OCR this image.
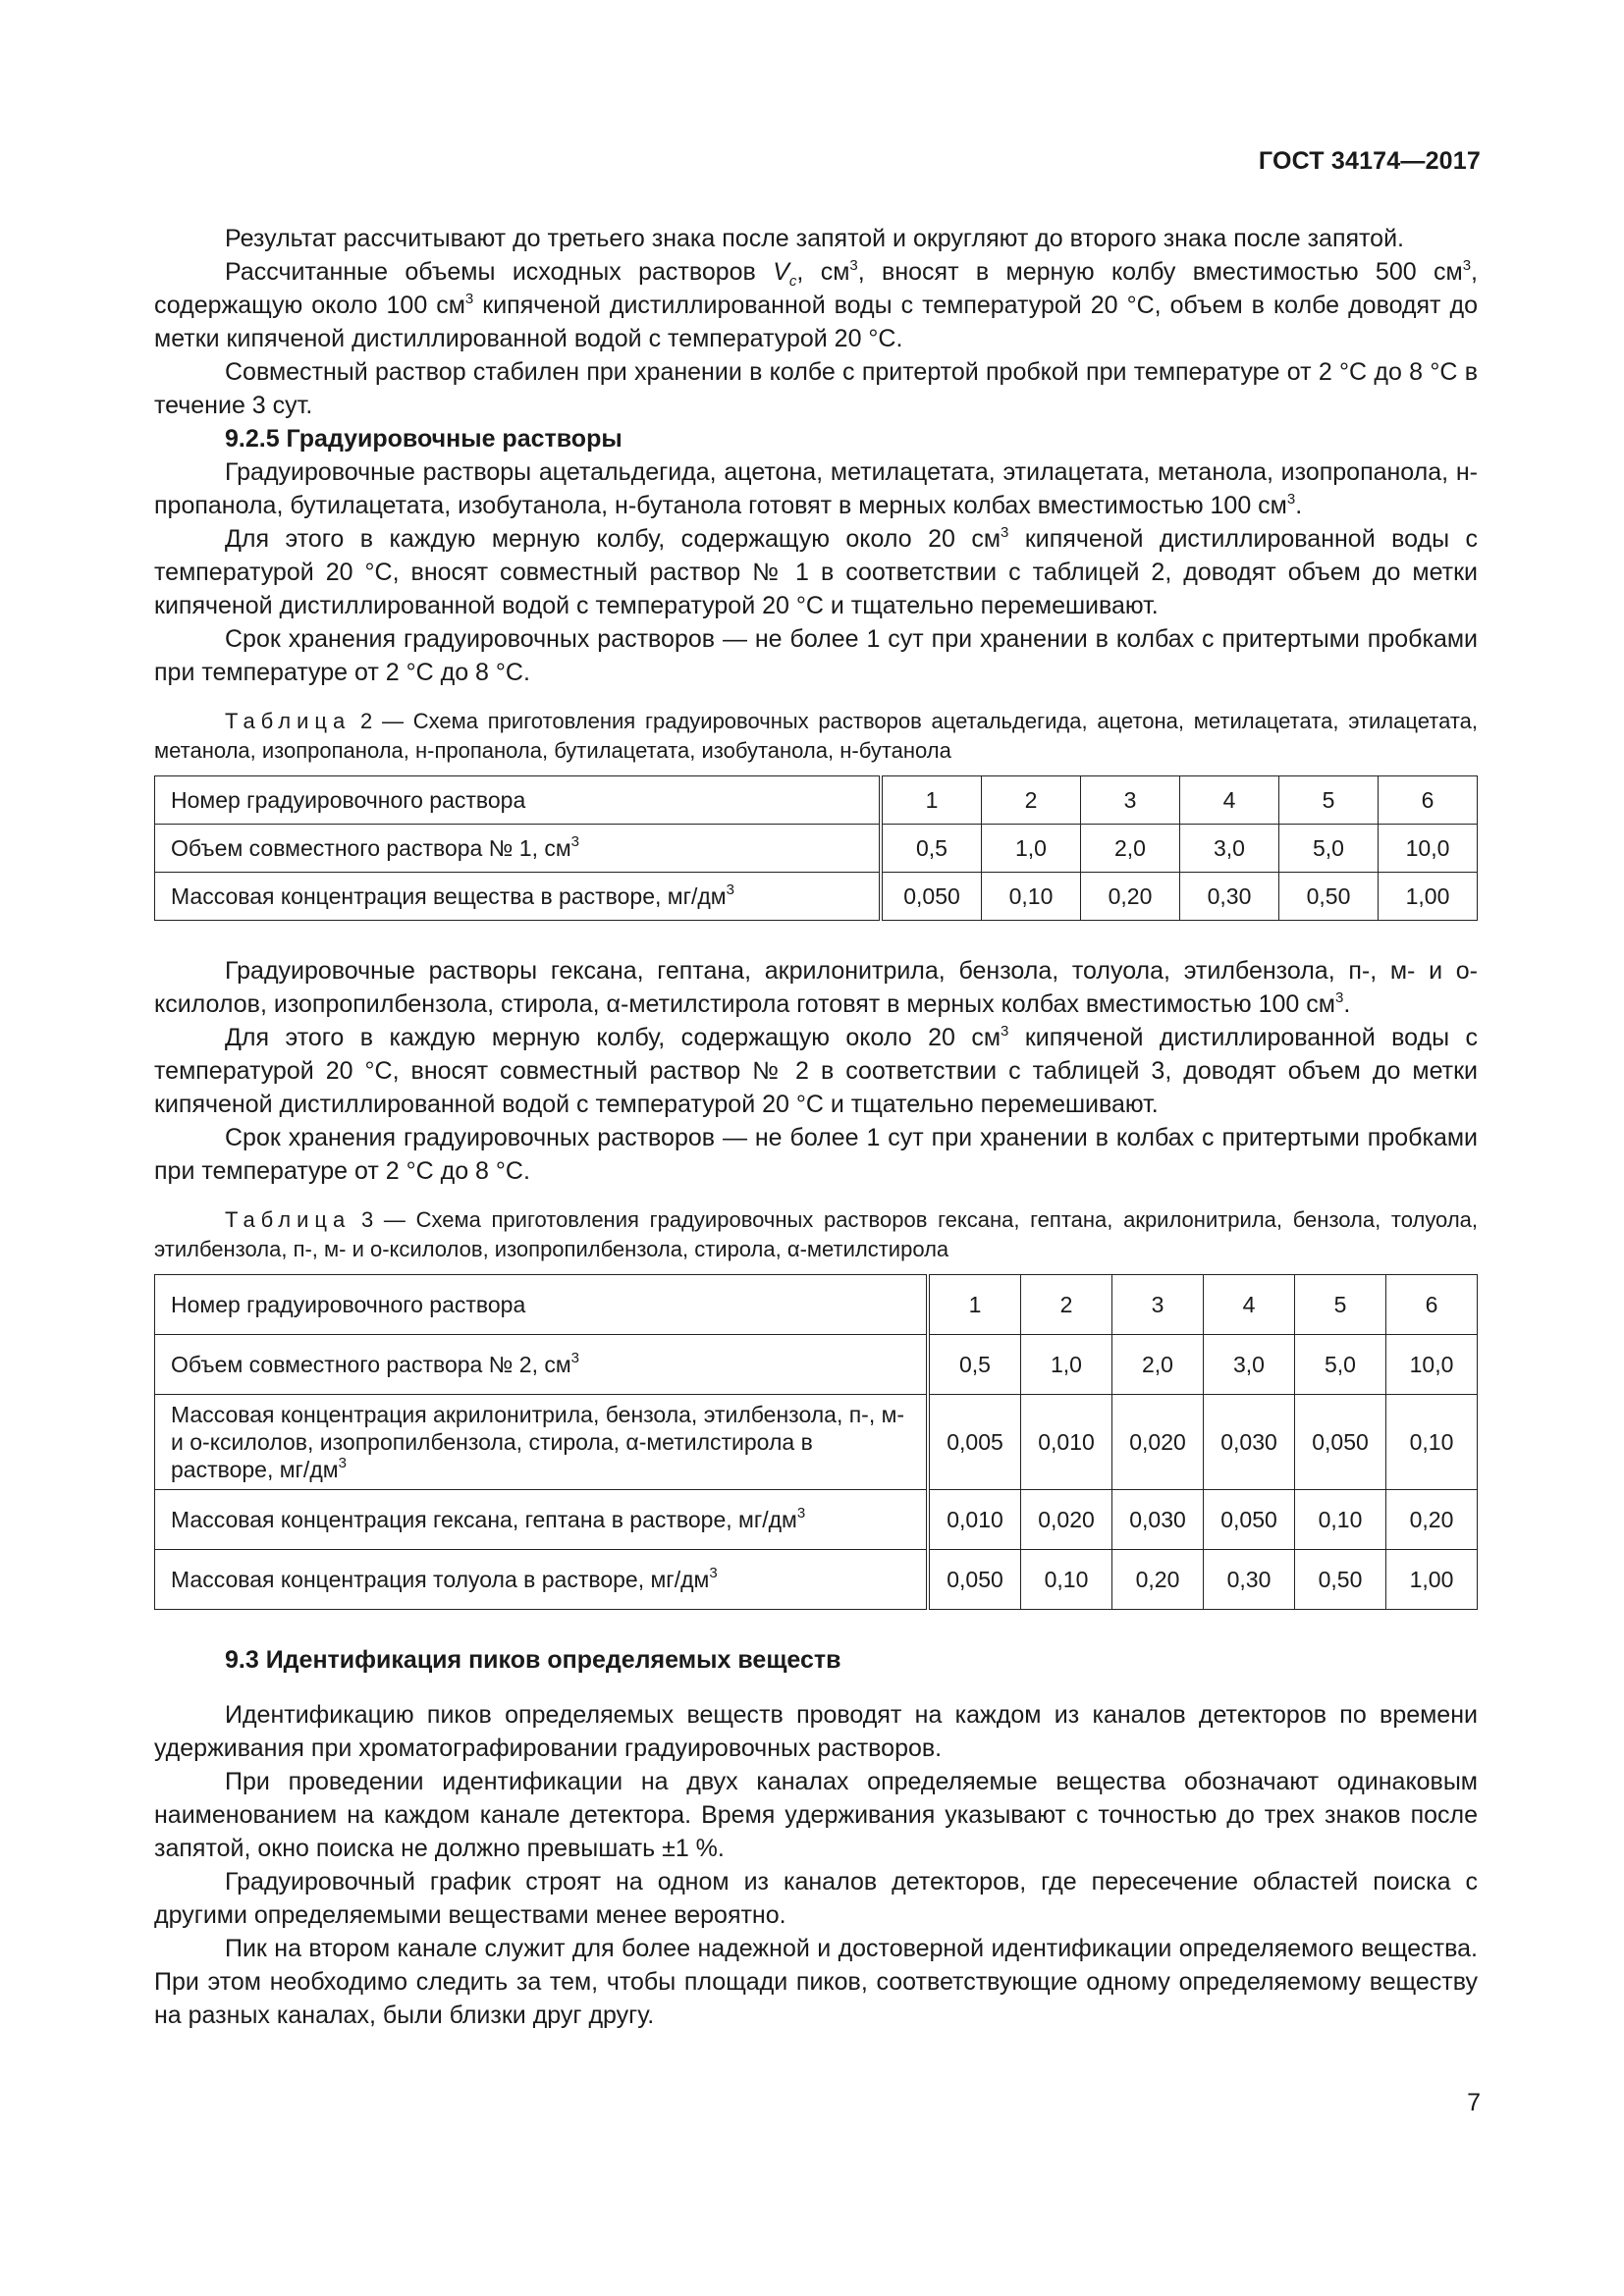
ГОСТ 34174—2017

Результат рассчитывают до третьего знака после запятой и округляют до второго знака после запятой.

Рассчитанные объемы исходных растворов $V_c$, $см^3$, вносят в мерную колбу вместимостью 500 $см^3$, содержащую около 100 $см^3$ кипяченой дистиллированной воды с температурой 20 °С, объем в колбе доводят до метки кипяченой дистиллированной водой с температурой 20 °С.

Совместный раствор стабилен при хранении в колбе с притертой пробкой при температуре от 2 °С до 8 °С в течение 3 сут.

9.2.5 Градуировочные растворы

Градуировочные растворы ацетальдегида, ацетона, метилацетата, этилацетата, метанола, изопропанола, н-пропанола, бутилацетата, изобутанола, н-бутанола готовят в мерных колбах вместимостью 100 $см^3$.

Для этого в каждую мерную колбу, содержащую около 20 $см^3$ кипяченой дистиллированной воды с температурой 20 °С, вносят совместный раствор № 1 в соответствии с таблицей 2, доводят объем до метки кипяченой дистиллированной водой с температурой 20 °С и тщательно перемешивают.

Срок хранения градуировочных растворов — не более 1 сут при хранении в колбах с притертыми пробками при температуре от 2 °С до 8 °С.

Таблица 2 — Схема приготовления градуировочных растворов ацетальдегида, ацетона, метилацетата, этилацетата, метанола, изопропанола, н-пропанола, бутилацетата, изобутанола, н-бутанола

Номер градуировочного раствора	1	2	3	4	5	6
Объем совместного раствора № 1, $см^3$	0,5	1,0	2,0	3,0	5,0	10,0
Массовая концентрация вещества в растворе, $мг/дм^3$	0,050	0,10	0,20	0,30	0,50	1,00

Градуировочные растворы гексана, гептана, акрилонитрила, бензола, толуола, этилбензола, п-, м- и о-ксилолов, изопропилбензола, стирола, α-метилстирола готовят в мерных колбах вместимостью 100 $см^3$.

Для этого в каждую мерную колбу, содержащую около 20 $см^3$ кипяченой дистиллированной воды с температурой 20 °С, вносят совместный раствор № 2 в соответствии с таблицей 3, доводят объем до метки кипяченой дистиллированной водой с температурой 20 °С и тщательно перемешивают.

Срок хранения градуировочных растворов — не более 1 сут при хранении в колбах с притертыми пробками при температуре от 2 °С до 8 °С.

Таблица 3 — Схема приготовления градуировочных растворов гексана, гептана, акрилонитрила, бензола, толуола, этилбензола, п-, м- и о-ксилолов, изопропилбензола, стирола, α-метилстирола

Номер градуировочного раствора	1	2	3	4	5	6
Объем совместного раствора № 2, $см^3$	0,5	1,0	2,0	3,0	5,0	10,0
Массовая концентрация акрилонитрила, бензола, этилбензола, п-, м- и о-ксилолов, изопропилбензола, стирола, α-метилстирола в растворе, $мг/дм^3$	0,005	0,010	0,020	0,030	0,050	0,10
Массовая концентрация гексана, гептана в растворе, $мг/дм^3$	0,010	0,020	0,030	0,050	0,10	0,20
Массовая концентрация толуола в растворе, $мг/дм^3$	0,050	0,10	0,20	0,30	0,50	1,00
9.3 Идентификация пиков определяемых веществ

Идентификацию пиков определяемых веществ проводят на каждом из каналов детекторов по времени удерживания при хроматографировании градуировочных растворов.

При проведении идентификации на двух каналах определяемые вещества обозначают одинаковым наименованием на каждом канале детектора. Время удерживания указывают с точностью до трех знаков после запятой, окно поиска не должно превышать ±1 %.

Градуировочный график строят на одном из каналов детекторов, где пересечение областей поиска с другими определяемыми веществами менее вероятно.

Пик на втором канале служит для более надежной и достоверной идентификации определяемого вещества. При этом необходимо следить за тем, чтобы площади пиков, соответствующие одному определяемому веществу на разных каналах, были близки друг другу.

7
